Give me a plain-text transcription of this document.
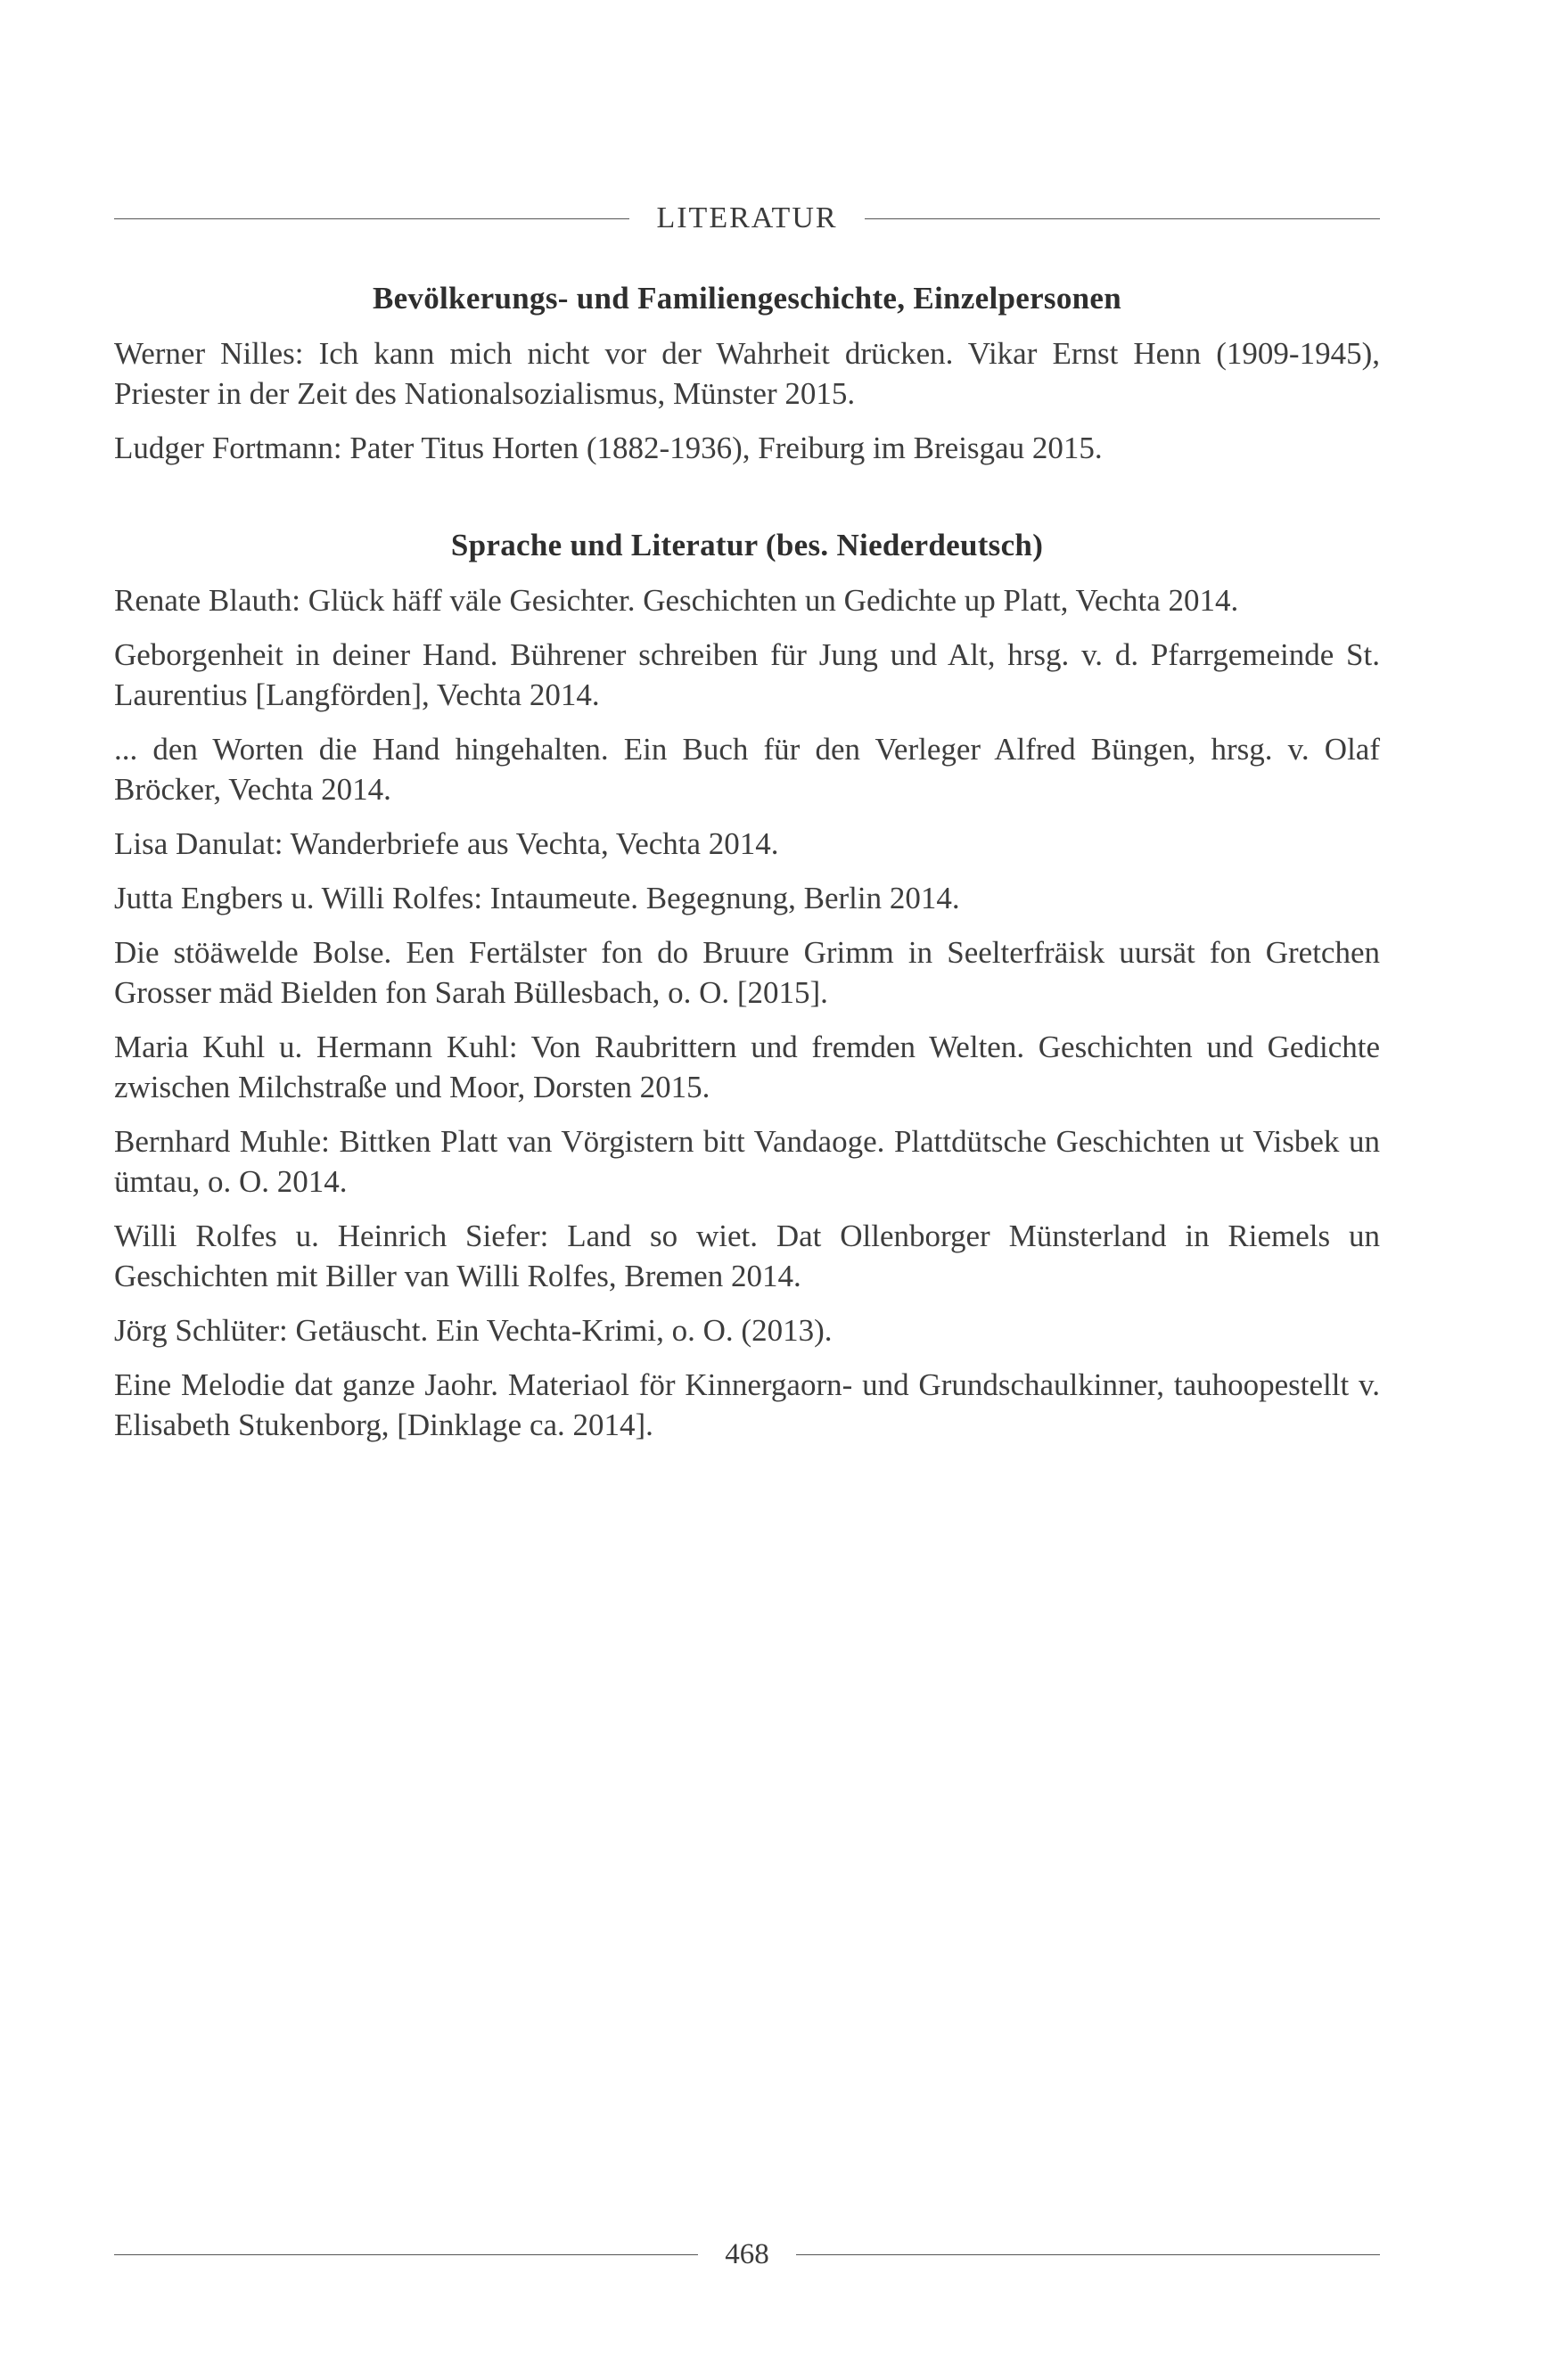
LITERATUR
Bevölkerungs- und Familiengeschichte, Einzelpersonen

Werner Nilles: Ich kann mich nicht vor der Wahrheit drücken. Vikar Ernst Henn (1909-1945), Priester in der Zeit des Nationalsozialismus, Münster 2015.

Ludger Fortmann: Pater Titus Horten (1882-1936), Freiburg im Breisgau 2015.

Sprache und Literatur (bes. Niederdeutsch)

Renate Blauth: Glück häff väle Gesichter. Geschichten un Gedichte up Platt, Vechta 2014.

Geborgenheit in deiner Hand. Bührener schreiben für Jung und Alt, hrsg. v. d. Pfarrgemeinde St. Laurentius [Langförden], Vechta 2014.

... den Worten die Hand hingehalten. Ein Buch für den Verleger Alfred Büngen, hrsg. v. Olaf Bröcker, Vechta 2014.

Lisa Danulat: Wanderbriefe aus Vechta, Vechta 2014.

Jutta Engbers u. Willi Rolfes: Intaumeute. Begegnung, Berlin 2014.

Die stöäwelde Bolse. Een Fertälster fon do Bruure Grimm in Seelterfräisk uursät fon Gretchen Grosser mäd Bielden fon Sarah Büllesbach, o. O. [2015].

Maria Kuhl u. Hermann Kuhl: Von Raubrittern und fremden Welten. Geschichten und Gedichte zwischen Milchstraße und Moor, Dorsten 2015.

Bernhard Muhle: Bittken Platt van Vörgistern bitt Vandaoge. Plattdütsche Geschichten ut Visbek un ümtau, o. O. 2014.

Willi Rolfes u. Heinrich Siefer: Land so wiet. Dat Ollenborger Münsterland in Riemels un Geschichten mit Biller van Willi Rolfes, Bremen 2014.

Jörg Schlüter: Getäuscht. Ein Vechta-Krimi, o. O. (2013).

Eine Melodie dat ganze Jaohr. Materiaol för Kinnergaorn- und Grundschaulkinner, tauhoopestellt v. Elisabeth Stukenborg, [Dinklage ca. 2014].

468
